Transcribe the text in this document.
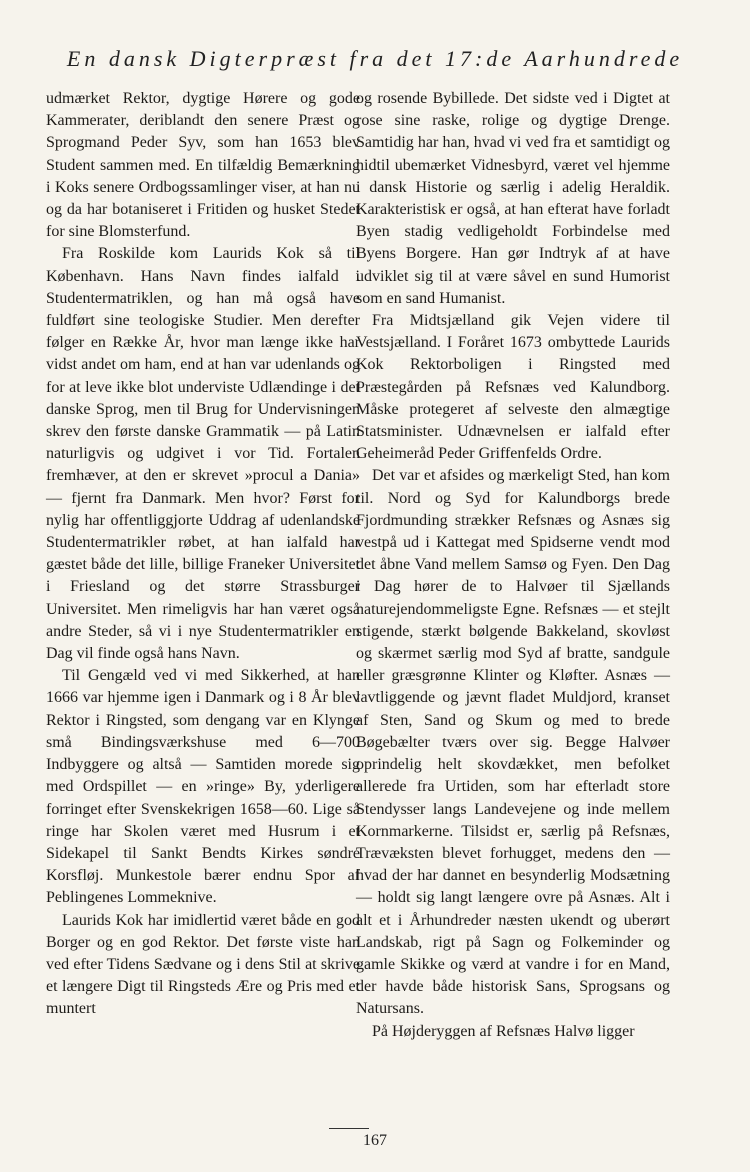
En dansk Digterpræst fra det 17:de Aarhundrede

udmærket Rektor, dygtige Hørere og gode Kammerater, deriblandt den senere Præst og Sprogmand Peder Syv, som han 1653 blev Student sammen med. En tilfældig Bemærkning i Koks senere Ordbogssamlinger viser, at han nu og da har botaniseret i Fritiden og husket Stedet for sine Blomsterfund.

Fra Roskilde kom Laurids Kok så til København. Hans Navn findes ialfald i Studentermatriklen, og han må også have fuldført sine teologiske Studier. Men derefter følger en Række År, hvor man længe ikke har vidst andet om ham, end at han var udenlands og for at leve ikke blot underviste Udlændinge i det danske Sprog, men til Brug for Undervisningen skrev den første danske Grammatik — på Latin naturligvis og udgivet i vor Tid. Fortalen fremhæver, at den er skrevet »procul a Dania» — fjernt fra Danmark. Men hvor? Først for nylig har offentliggjorte Uddrag af udenlandske Studentermatrikler røbet, at han ialfald har gæstet både det lille, billige Franeker Universitet i Friesland og det større Strassburger Universitet. Men rimeligvis har han været også andre Steder, så vi i nye Studentermatrikler en Dag vil finde også hans Navn.

Til Gengæld ved vi med Sikkerhed, at han 1666 var hjemme igen i Danmark og i 8 År blev Rektor i Ringsted, som dengang var en Klynge små Bindingsværkshuse med 6—700 Indbyggere og altså — Samtiden morede sig med Ordspillet — en »ringe» By, yderligere forringet efter Svenskekrigen 1658—60. Lige så ringe har Skolen været med Husrum i et Sidekapel til Sankt Bendts Kirkes søndre Korsfløj. Munkestole bærer endnu Spor af Peblingenes Lommeknive.

Laurids Kok har imidlertid været både en god Borger og en god Rektor. Det første viste han ved efter Tidens Sædvane og i dens Stil at skrive et længere Digt til Ringsteds Ære og Pris med et muntert

og rosende Bybillede. Det sidste ved i Digtet at rose sine raske, rolige og dygtige Drenge. Samtidig har han, hvad vi ved fra et samtidigt og hidtil ubemærket Vidnesbyrd, været vel hjemme i dansk Historie og særlig i adelig Heraldik. Karakteristisk er også, at han efterat have forladt Byen stadig vedligeholdt Forbindelse med Byens Borgere. Han gør Indtryk af at have udviklet sig til at være såvel en sund Humorist som en sand Humanist.

Fra Midtsjælland gik Vejen videre til Vestsjælland. I Foråret 1673 ombyttede Laurids Kok Rektorboligen i Ringsted med Præstegården på Refsnæs ved Kalundborg. Måske protegeret af selveste den almægtige Statsminister. Udnævnelsen er ialfald efter Geheimeråd Peder Griffenfelds Ordre.

Det var et afsides og mærkeligt Sted, han kom til. Nord og Syd for Kalundborgs brede Fjordmunding strækker Refsnæs og Asnæs sig vestpå ud i Kattegat med Spidserne vendt mod det åbne Vand mellem Samsø og Fyen. Den Dag i Dag hører de to Halvøer til Sjællands naturejendommeligste Egne. Refsnæs — et stejlt stigende, stærkt bølgende Bakkeland, skovløst og skærmet særlig mod Syd af bratte, sandgule eller græsgrønne Klinter og Kløfter. Asnæs — lavtliggende og jævnt fladet Muldjord, kranset af Sten, Sand og Skum og med to brede Bøgebælter tværs over sig. Begge Halvøer oprindelig helt skovdækket, men befolket allerede fra Urtiden, som har efterladt store Stendysser langs Landevejene og inde mellem Kornmarkerne. Tilsidst er, særlig på Refsnæs, Trævæksten blevet forhugget, medens den — hvad der har dannet en besynderlig Modsætning — holdt sig langt længere ovre på Asnæs. Alt i alt et i Århundreder næsten ukendt og uberørt Landskab, rigt på Sagn og Folkeminder og gamle Skikke og værd at vandre i for en Mand, der havde både historisk Sans, Sprogsans og Natursans.

På Højderyggen af Refsnæs Halvø ligger

167
